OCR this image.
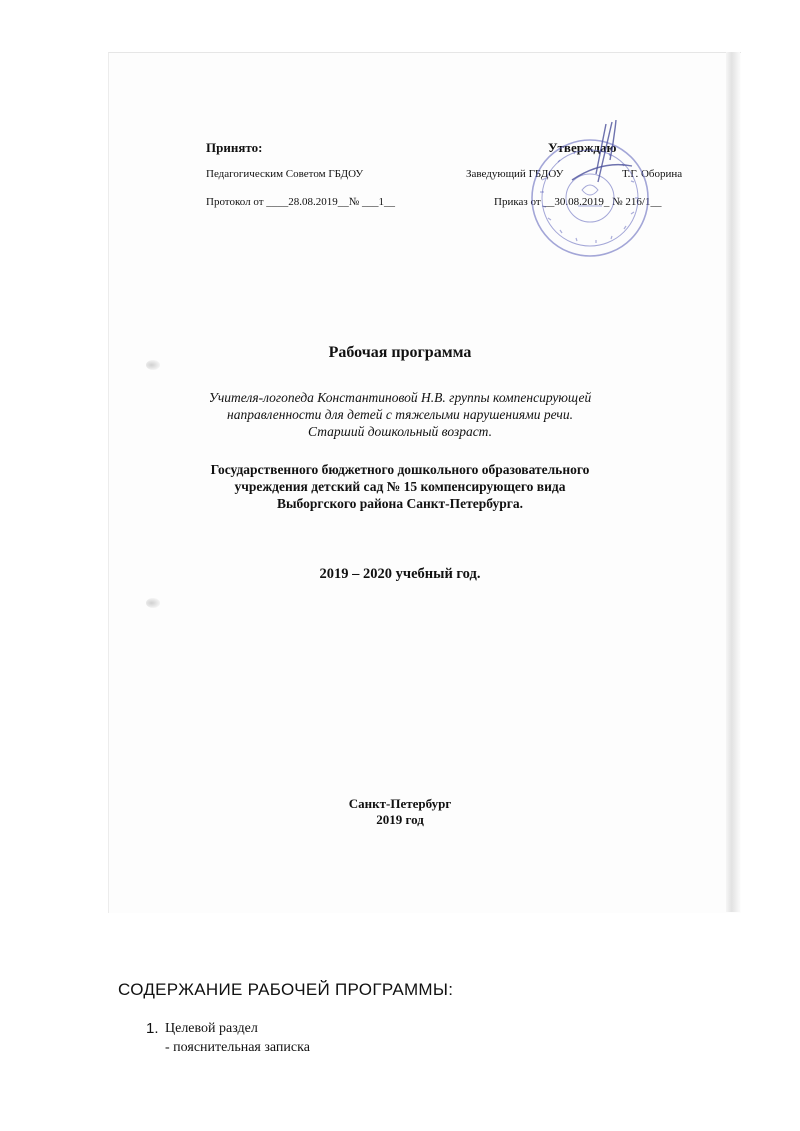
Принято:
Педагогическим Советом ГБДОУ
Протокол от ____28.08.2019__№ ___1__
Утверждаю
Заведующий ГБДОУ	Т.Г. Оборина
Приказ от __30.08.2019_ № 216/1__
Рабочая программа
Учителя-логопеда Константиновой Н.В. группы компенсирующей
направленности для детей с тяжелыми нарушениями речи.
Старший дошкольный возраст.
Государственного бюджетного дошкольного образовательного
учреждения детский сад № 15 компенсирующего вида
Выборгского района Санкт-Петербурга.
2019 – 2020 учебный год.
Санкт-Петербург
2019 год
СОДЕРЖАНИЕ РАБОЧЕЙ ПРОГРАММЫ:
1. Целевой раздел
- пояснительная записка
